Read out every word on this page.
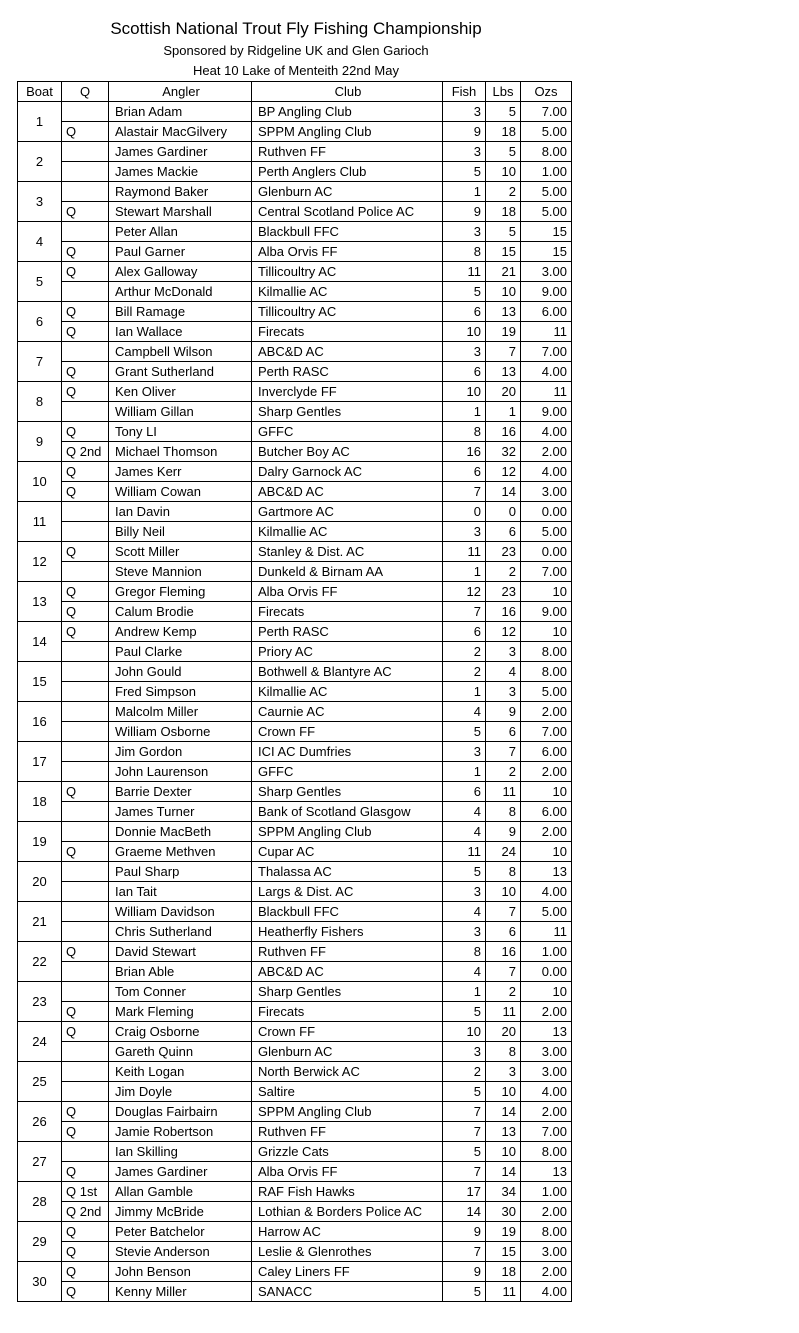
Scottish National Trout Fly Fishing Championship
Sponsored by Ridgeline UK and Glen Garioch
Heat 10 Lake of Menteith 22nd May
Boat	Q	Angler	Club	Fish	Lbs	Ozs
1		Brian Adam	BP Angling Club	3	5	7.00
	Q	Alastair MacGilvery	SPPM Angling Club	9	18	5.00
2		James Gardiner	Ruthven FF	3	5	8.00
		James Mackie	Perth Anglers Club	5	10	1.00
3		Raymond Baker	Glenburn AC	1	2	5.00
	Q	Stewart Marshall	Central Scotland Police AC	9	18	5.00
4		Peter Allan	Blackbull FFC	3	5	15
	Q	Paul Garner	Alba Orvis FF	8	15	15
5	Q	Alex Galloway	Tillicoultry AC	11	21	3.00
		Arthur McDonald	Kilmallie AC	5	10	9.00
6	Q	Bill Ramage	Tillicoultry AC	6	13	6.00
	Q	Ian Wallace	Firecats	10	19	11
7		Campbell Wilson	ABC&D AC	3	7	7.00
	Q	Grant Sutherland	Perth RASC	6	13	4.00
8	Q	Ken Oliver	Inverclyde FF	10	20	11
		William Gillan	Sharp Gentles	1	1	9.00
9	Q	Tony LI	GFFC	8	16	4.00
	Q 2nd	Michael Thomson	Butcher Boy AC	16	32	2.00
10	Q	James Kerr	Dalry Garnock AC	6	12	4.00
	Q	William Cowan	ABC&D AC	7	14	3.00
11		Ian Davin	Gartmore AC	0	0	0.00
		Billy Neil	Kilmallie AC	3	6	5.00
12	Q	Scott Miller	Stanley & Dist. AC	11	23	0.00
		Steve Mannion	Dunkeld & Birnam AA	1	2	7.00
13	Q	Gregor Fleming	Alba Orvis FF	12	23	10
	Q	Calum Brodie	Firecats	7	16	9.00
14	Q	Andrew Kemp	Perth RASC	6	12	10
		Paul Clarke	Priory AC	2	3	8.00
15		John Gould	Bothwell & Blantyre AC	2	4	8.00
		Fred Simpson	Kilmallie AC	1	3	5.00
16		Malcolm Miller	Caurnie AC	4	9	2.00
		William Osborne	Crown FF	5	6	7.00
17		Jim Gordon	ICI AC Dumfries	3	7	6.00
		John Laurenson	GFFC	1	2	2.00
18	Q	Barrie Dexter	Sharp Gentles	6	11	10
		James Turner	Bank of Scotland Glasgow	4	8	6.00
19		Donnie MacBeth	SPPM Angling Club	4	9	2.00
	Q	Graeme Methven	Cupar AC	11	24	10
20		Paul Sharp	Thalassa AC	5	8	13
		Ian Tait	Largs & Dist. AC	3	10	4.00
21		William Davidson	Blackbull FFC	4	7	5.00
		Chris Sutherland	Heatherfly Fishers	3	6	11
22	Q	David Stewart	Ruthven FF	8	16	1.00
		Brian Able	ABC&D AC	4	7	0.00
23		Tom Conner	Sharp Gentles	1	2	10
	Q	Mark Fleming	Firecats	5	11	2.00
24	Q	Craig Osborne	Crown FF	10	20	13
		Gareth Quinn	Glenburn AC	3	8	3.00
25		Keith Logan	North Berwick AC	2	3	3.00
		Jim Doyle	Saltire	5	10	4.00
26	Q	Douglas Fairbairn	SPPM Angling Club	7	14	2.00
	Q	Jamie Robertson	Ruthven FF	7	13	7.00
27		Ian Skilling	Grizzle Cats	5	10	8.00
	Q	James Gardiner	Alba Orvis FF	7	14	13
28	Q 1st	Allan Gamble	RAF Fish Hawks	17	34	1.00
	Q 2nd	Jimmy McBride	Lothian & Borders Police AC	14	30	2.00
29	Q	Peter Batchelor	Harrow AC	9	19	8.00
	Q	Stevie Anderson	Leslie & Glenrothes	7	15	3.00
30	Q	John Benson	Caley Liners FF	9	18	2.00
	Q	Kenny Miller	SANACC	5	11	4.00
